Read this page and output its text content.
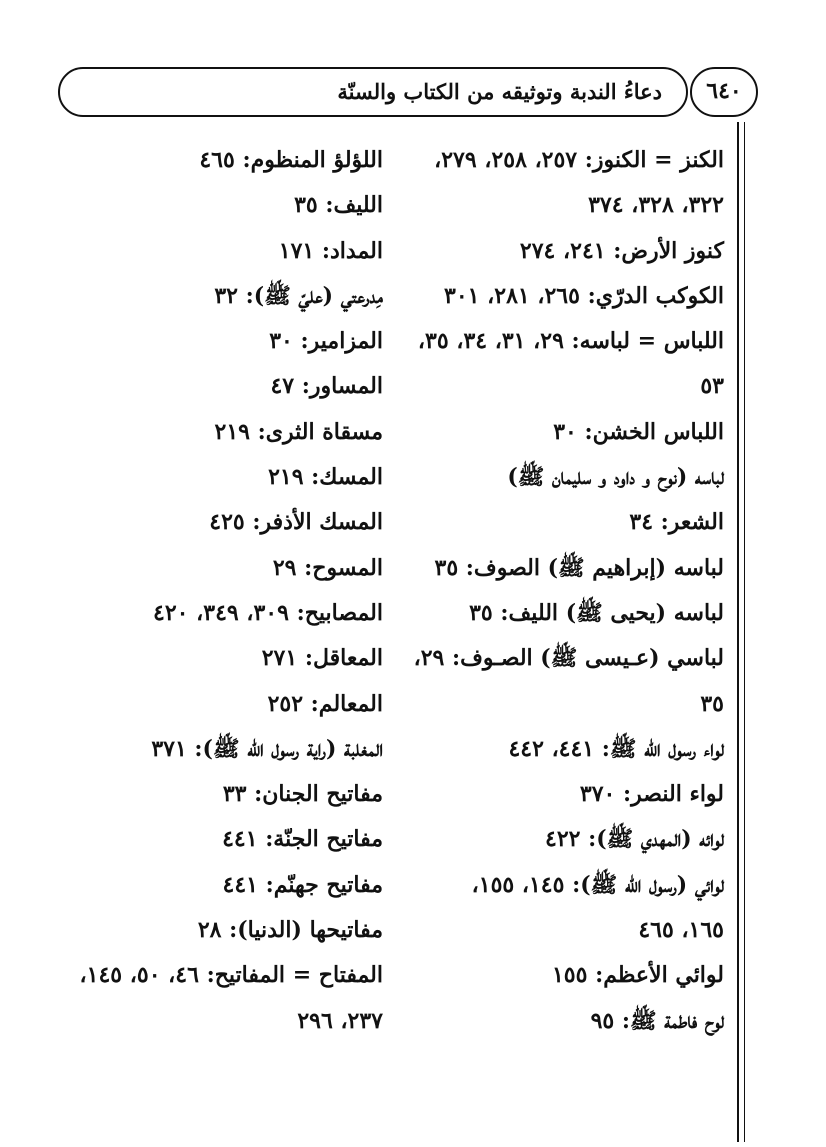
دعاءُ الندبة وتوثيقه من الكتاب والسنّة	٦٤٠
الكنز = الكنوز: ٢٥٧، ٢٥٨، ٢٧٩،
٣٢٢، ٣٢٨، ٣٧٤
كنوز الأرض: ٢٤١، ٢٧٤
الكوكب الدرّي: ٢٦٥، ٢٨١، ٣٠١
اللباس = لباسه: ٢٩، ٣١، ٣٤، ٣٥،
٥٣
اللباس الخشن: ٣٠
لباسه (نوح و داود و سليمان ﷺ)
الشعر: ٣٤
لباسه (إبراهيم ﷺ) الصوف: ٣٥
لباسه (يحيى ﷺ) الليف: ٣٥
لباسي (عـيسى ﷺ) الصـوف: ٢٩،
٣٥
لواء رسول الله ﷺ: ٤٤١، ٤٤٢
لواء النصر: ٣٧٠
لوائه (المهدي ﷺ): ٤٢٢
لوائي (رسول الله ﷺ): ١٤٥، ١٥٥،
١٦٥، ٤٦٥
لوائي الأعظم: ١٥٥
لوح فاطمة ﷺ: ٩٥
اللؤلؤ المنظوم: ٤٦٥
الليف: ٣٥
المداد: ١٧١
مِدرعتي (عليّ ﷺ): ٣٢
المزامير: ٣٠
المساور: ٤٧
مسقاة الثرى: ٢١٩
المسك: ٢١٩
المسك الأذفر: ٤٢٥
المسوح: ٢٩
المصابيح: ٣٠٩، ٣٤٩، ٤٢٠
المعاقل: ٢٧١
المعالم: ٢٥٢
المغلبة (راية رسول الله ﷺ): ٣٧١
مفاتيح الجنان: ٣٣
مفاتيح الجنّة: ٤٤١
مفاتيح جهنّم: ٤٤١
مفاتيحها (الدنيا): ٢٨
المفتاح = المفاتيح: ٤٦، ٥٠، ١٤٥،
٢٣٧، ٢٩٦
